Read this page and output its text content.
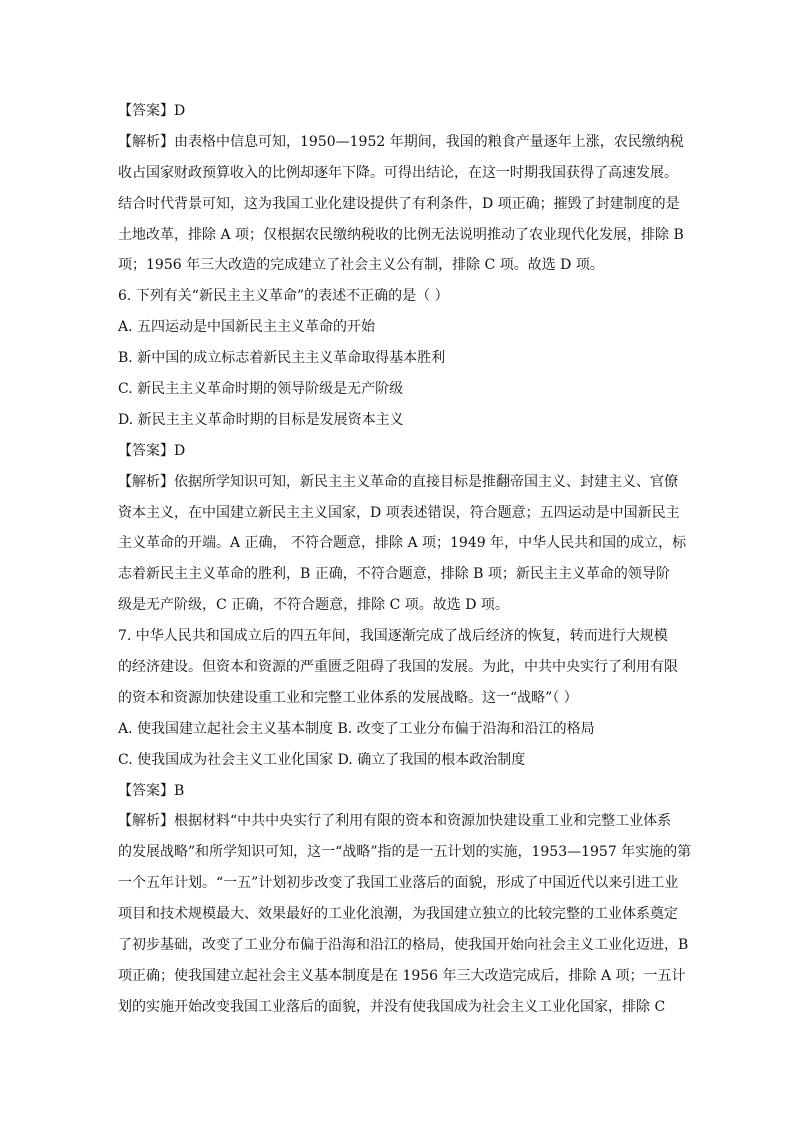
【答案】D
【解析】由表格中信息可知，1950—1952 年期间，我国的粮食产量逐年上涨，农民缴纳税
收占国家财政预算收入的比例却逐年下降。可得出结论，在这一时期我国获得了高速发展。
结合时代背景可知，这为我国工业化建设提供了有利条件，D 项正确；摧毁了封建制度的是
土地改革，排除 A 项；仅根据农民缴纳税收的比例无法说明推动了农业现代化发展，排除 B
项；1956 年三大改造的完成建立了社会主义公有制，排除 C 项。故选 D 项。
6. 下列有关“新民主主义革命”的表述不正确的是（ ）
A. 五四运动是中国新民主主义革命的开始
B. 新中国的成立标志着新民主主义革命取得基本胜利
C. 新民主主义革命时期的领导阶级是无产阶级
D. 新民主主义革命时期的目标是发展资本主义
【答案】D
【解析】依据所学知识可知，新民主主义革命的直接目标是推翻帝国主义、封建主义、官僚
资本主义，在中国建立新民主主义国家，D 项表述错误，符合题意；五四运动是中国新民主
主义革命的开端。A 正确， 不符合题意，排除 A 项；1949 年，中华人民共和国的成立，标
志着新民主主义革命的胜利，B 正确，不符合题意，排除 B 项；新民主主义革命的领导阶
级是无产阶级，C 正确，不符合题意，排除 C 项。故选 D 项。
7. 中华人民共和国成立后的四五年间，我国逐渐完成了战后经济的恢复，转而进行大规模
的经济建设。但资本和资源的严重匮乏阻碍了我国的发展。为此，中共中央实行了利用有限
的资本和资源加快建设重工业和完整工业体系的发展战略。这一“战略”（ ）
A. 使我国建立起社会主义基本制度 B. 改变了工业分布偏于沿海和沿江的格局
C. 使我国成为社会主义工业化国家 D. 确立了我国的根本政治制度
【答案】B
【解析】根据材料“中共中央实行了利用有限的资本和资源加快建设重工业和完整工业体系
的发展战略”和所学知识可知，这一“战略”指的是一五计划的实施，1953—1957 年实施的第
一个五年计划。“一五”计划初步改变了我国工业落后的面貌，形成了中国近代以来引进工业
项目和技术规模最大、效果最好的工业化浪潮，为我国建立独立的比较完整的工业体系奠定
了初步基础，改变了工业分布偏于沿海和沿江的格局，使我国开始向社会主义工业化迈进，B
项正确；使我国建立起社会主义基本制度是在 1956 年三大改造完成后，排除 A 项；一五计
划的实施开始改变我国工业落后的面貌，并没有使我国成为社会主义工业化国家，排除 C
